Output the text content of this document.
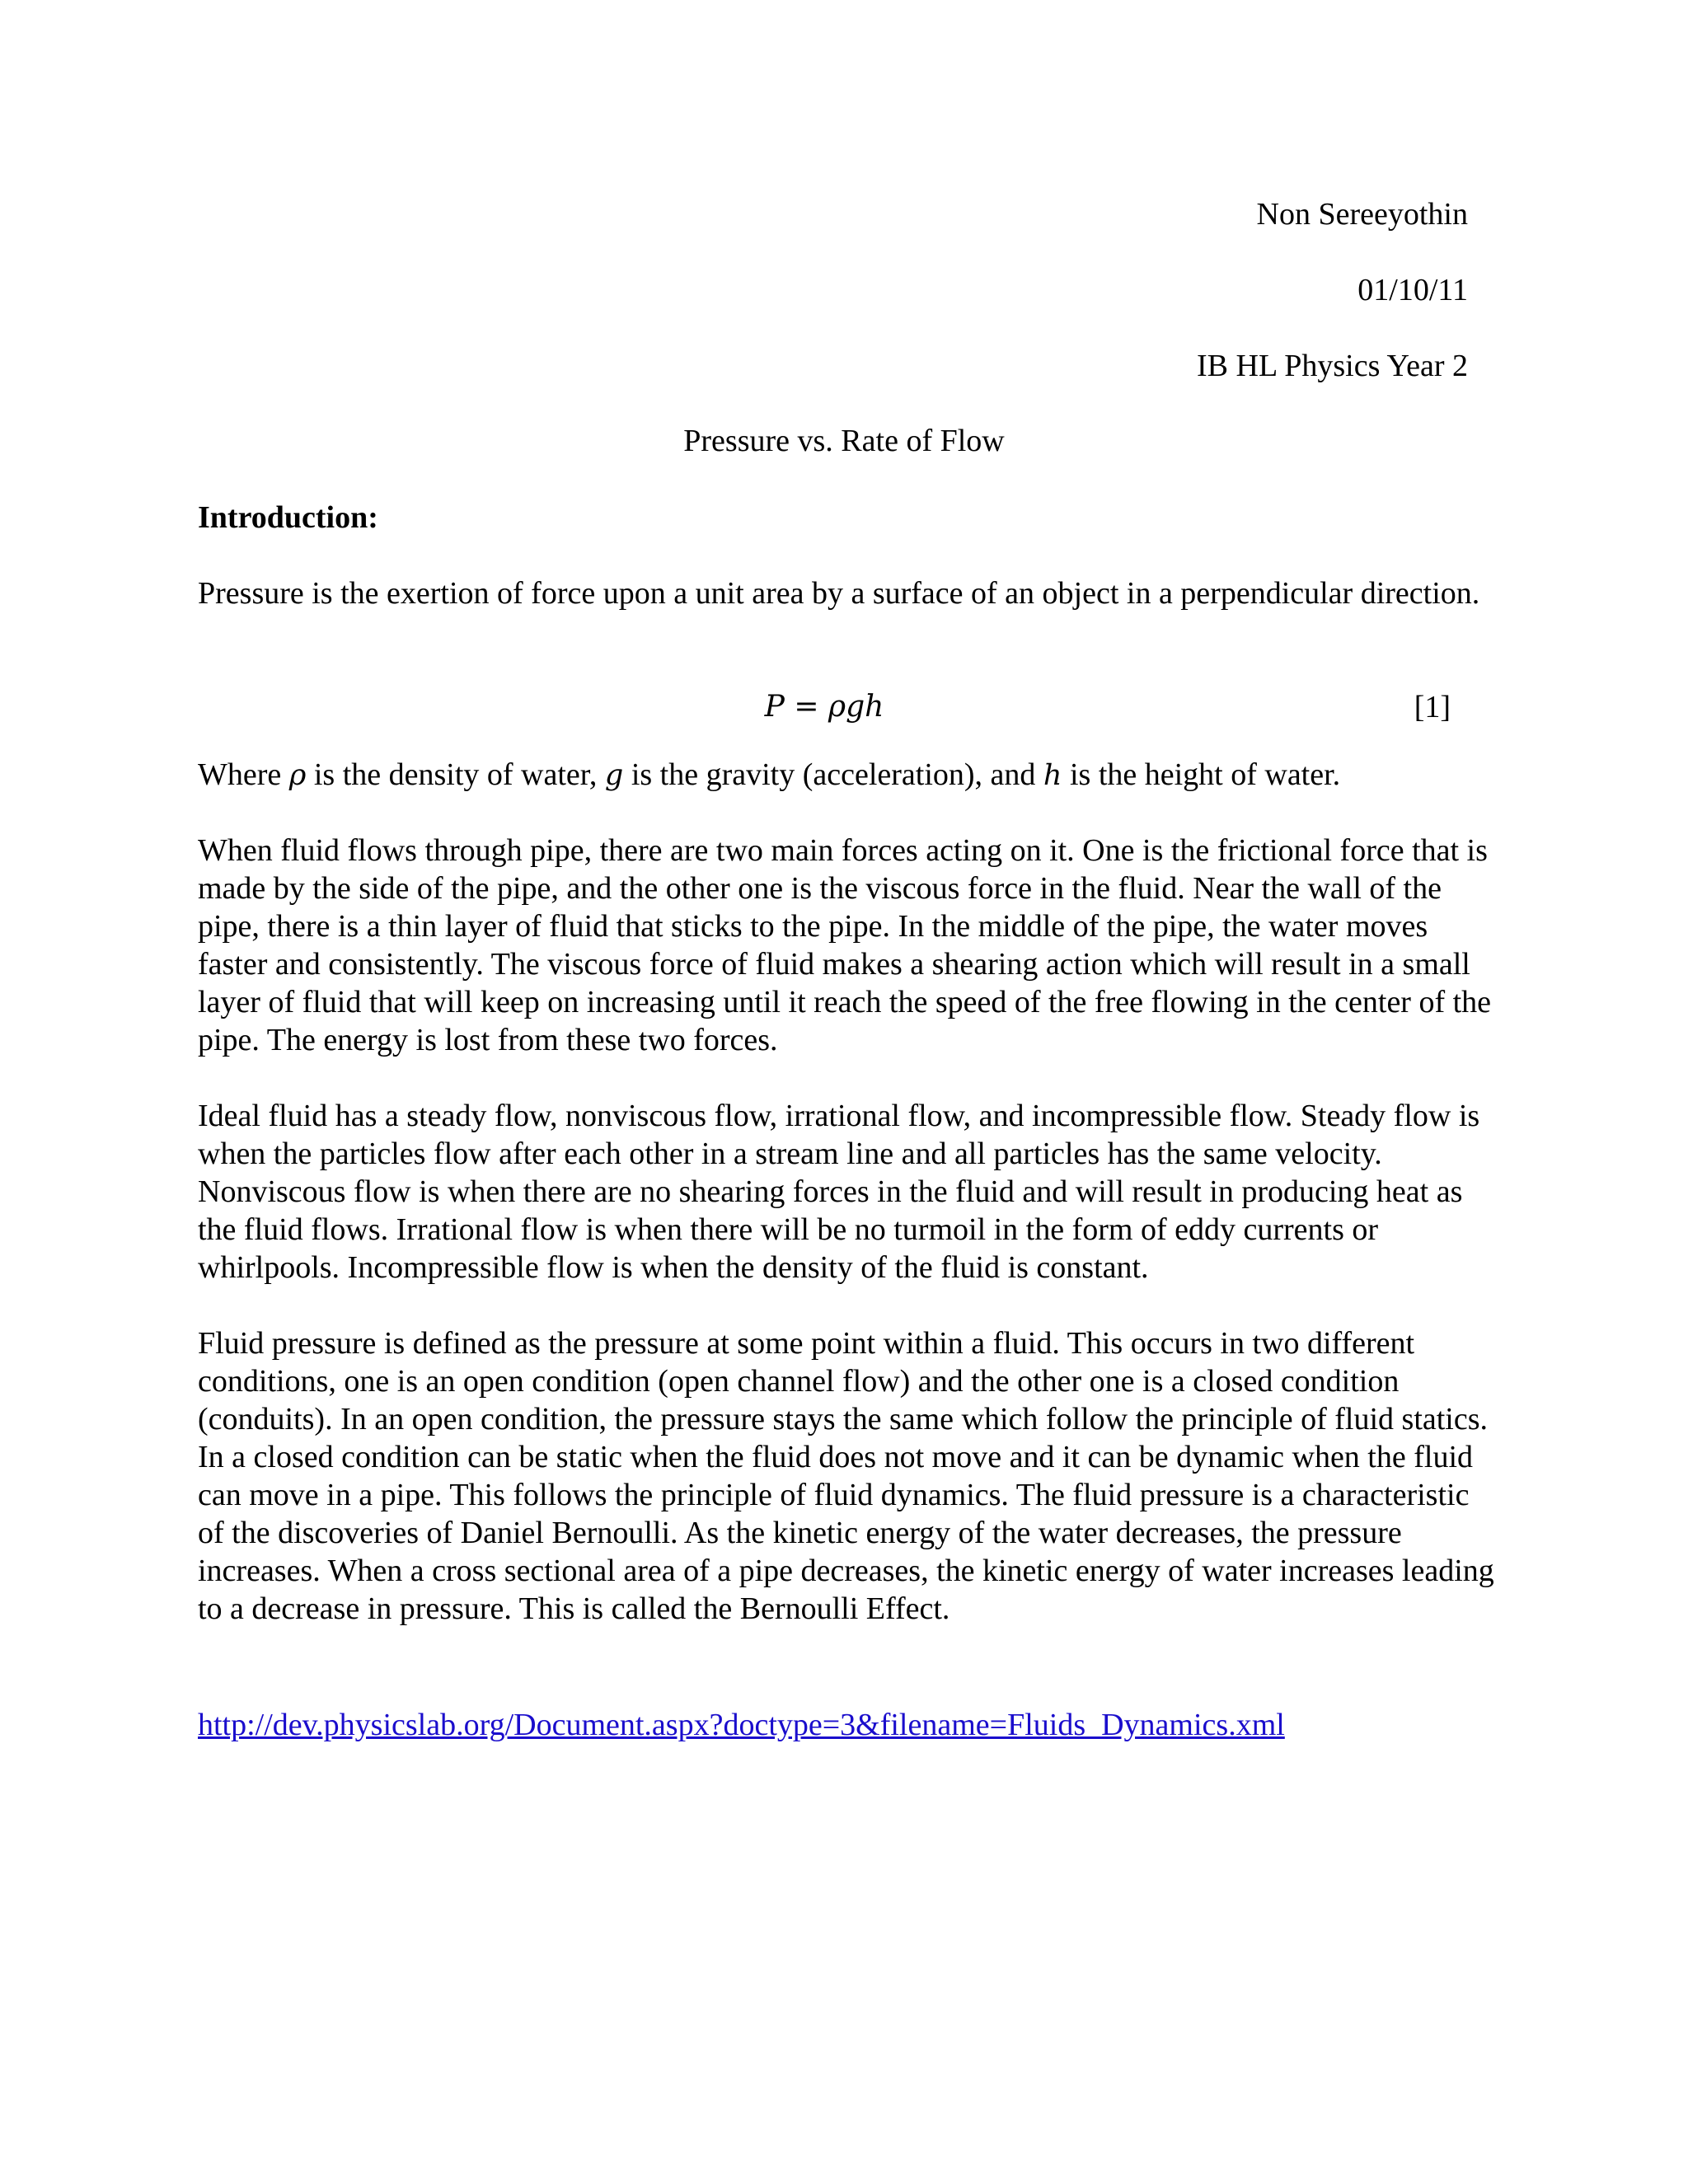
Non Sereeyothin
01/10/11
IB HL Physics Year 2
Pressure vs. Rate of Flow
Introduction:

Pressure is the exertion of force upon a unit area by a surface of an object in a perpendicular direction.

P = ρgh	[1]

Where ρ is the density of water, g is the gravity (acceleration), and h is the height of water.

When fluid flows through pipe, there are two main forces acting on it. One is the frictional force that is made by the side of the pipe, and the other one is the viscous force in the fluid. Near the wall of the pipe, there is a thin layer of fluid that sticks to the pipe. In the middle of the pipe, the water moves faster and consistently. The viscous force of fluid makes a shearing action which will result in a small layer of fluid that will keep on increasing until it reach the speed of the free flowing in the center of the pipe. The energy is lost from these two forces.

Ideal fluid has a steady flow, nonviscous flow, irrational flow, and incompressible flow. Steady flow is when the particles flow after each other in a stream line and all particles has the same velocity. Nonviscous flow is when there are no shearing forces in the fluid and will result in producing heat as the fluid flows. Irrational flow is when there will be no turmoil in the form of eddy currents or whirlpools. Incompressible flow is when the density of the fluid is constant.

Fluid pressure is defined as the pressure at some point within a fluid. This occurs in two different conditions, one is an open condition (open channel flow) and the other one is a closed condition (conduits). In an open condition, the pressure stays the same which follow the principle of fluid statics. In a closed condition can be static when the fluid does not move and it can be dynamic when the fluid can move in a pipe. This follows the principle of fluid dynamics. The fluid pressure is a characteristic of the discoveries of Daniel Bernoulli. As the kinetic energy of the water decreases, the pressure increases. When a cross sectional area of a pipe decreases, the kinetic energy of water increases leading to a decrease in pressure. This is called the Bernoulli Effect.

http://dev.physicslab.org/Document.aspx?doctype=3&filename=Fluids_Dynamics.xml
